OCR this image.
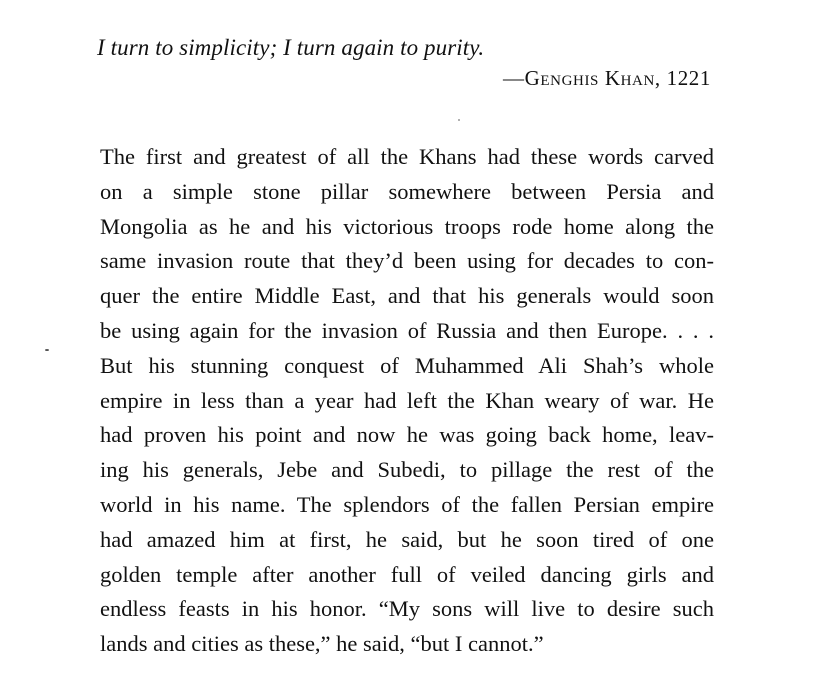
I turn to simplicity; I turn again to purity.
—Genghis Khan, 1221
The first and greatest of all the Khans had these words carved
on a simple stone pillar somewhere between Persia and
Mongolia as he and his victorious troops rode home along the
same invasion route that they’d been using for decades to con-
quer the entire Middle East, and that his generals would soon
be using again for the invasion of Russia and then Europe. . . .
But his stunning conquest of Muhammed Ali Shah’s whole
empire in less than a year had left the Khan weary of war. He
had proven his point and now he was going back home, leav-
ing his generals, Jebe and Subedi, to pillage the rest of the
world in his name. The splendors of the fallen Persian empire
had amazed him at first, he said, but he soon tired of one
golden temple after another full of veiled dancing girls and
endless feasts in his honor. “My sons will live to desire such
lands and cities as these,” he said, “but I cannot.”
